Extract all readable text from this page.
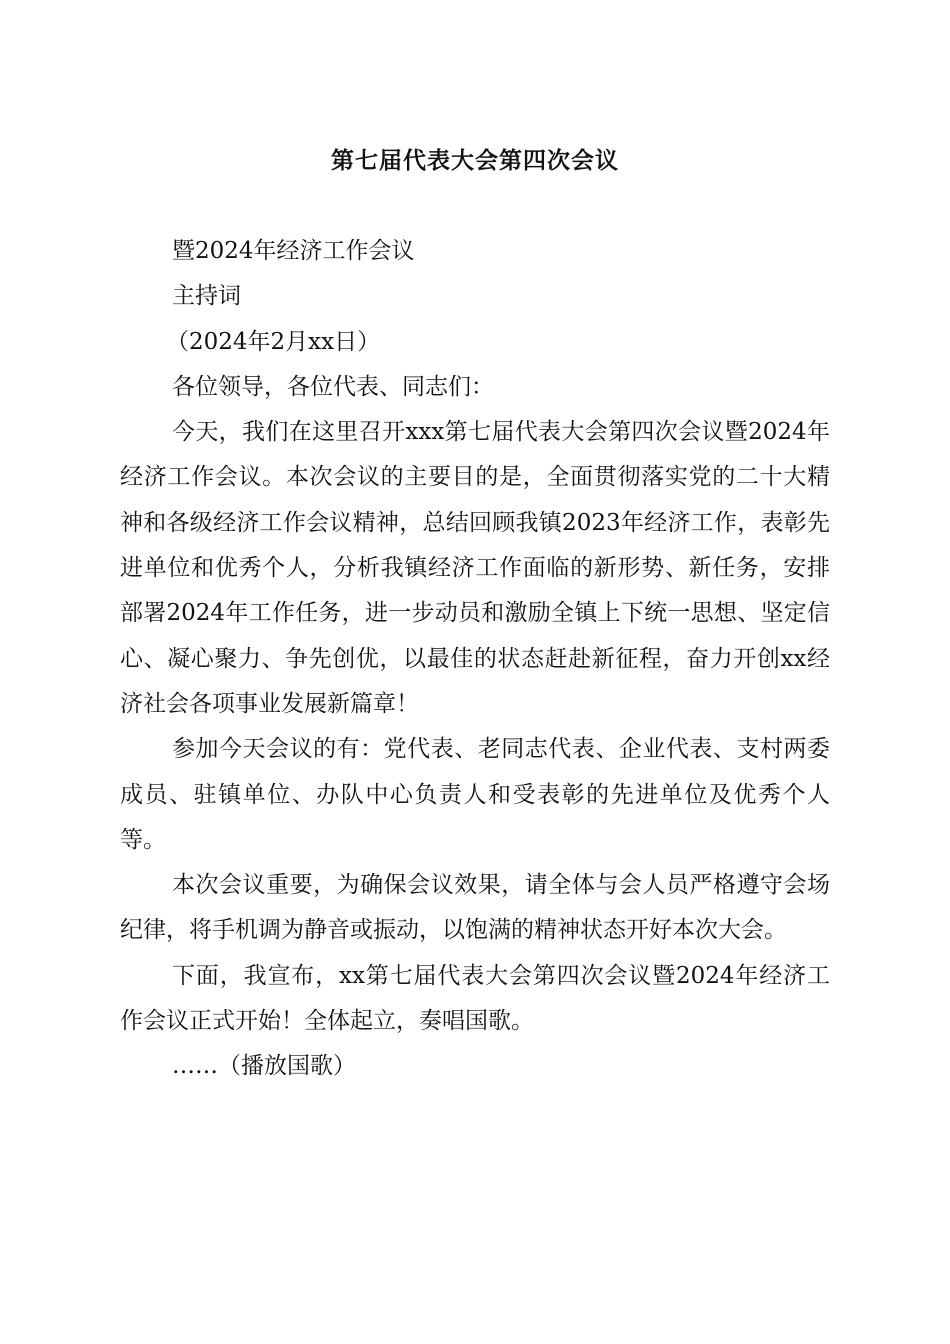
第七届代表大会第四次会议

暨2024年经济工作会议

主持词

（2024年2月xx日）

各位领导，各位代表、同志们：

今天，我们在这里召开xxx第七届代表大会第四次会议暨2024年经济工作会议。本次会议的主要目的是，全面贯彻落实党的二十大精神和各级经济工作会议精神，总结回顾我镇2023年经济工作，表彰先进单位和优秀个人，分析我镇经济工作面临的新形势、新任务，安排部署2024年工作任务，进一步动员和激励全镇上下统一思想、坚定信心、凝心聚力、争先创优，以最佳的状态赶赴新征程，奋力开创xx经济社会各项事业发展新篇章！

参加今天会议的有：党代表、老同志代表、企业代表、支村两委成员、驻镇单位、办队中心负责人和受表彰的先进单位及优秀个人等。

本次会议重要，为确保会议效果，请全体与会人员严格遵守会场纪律，将手机调为静音或振动，以饱满的精神状态开好本次大会。

下面，我宣布，xx第七届代表大会第四次会议暨2024年经济工作会议正式开始！全体起立，奏唱国歌。

……（播放国歌）
